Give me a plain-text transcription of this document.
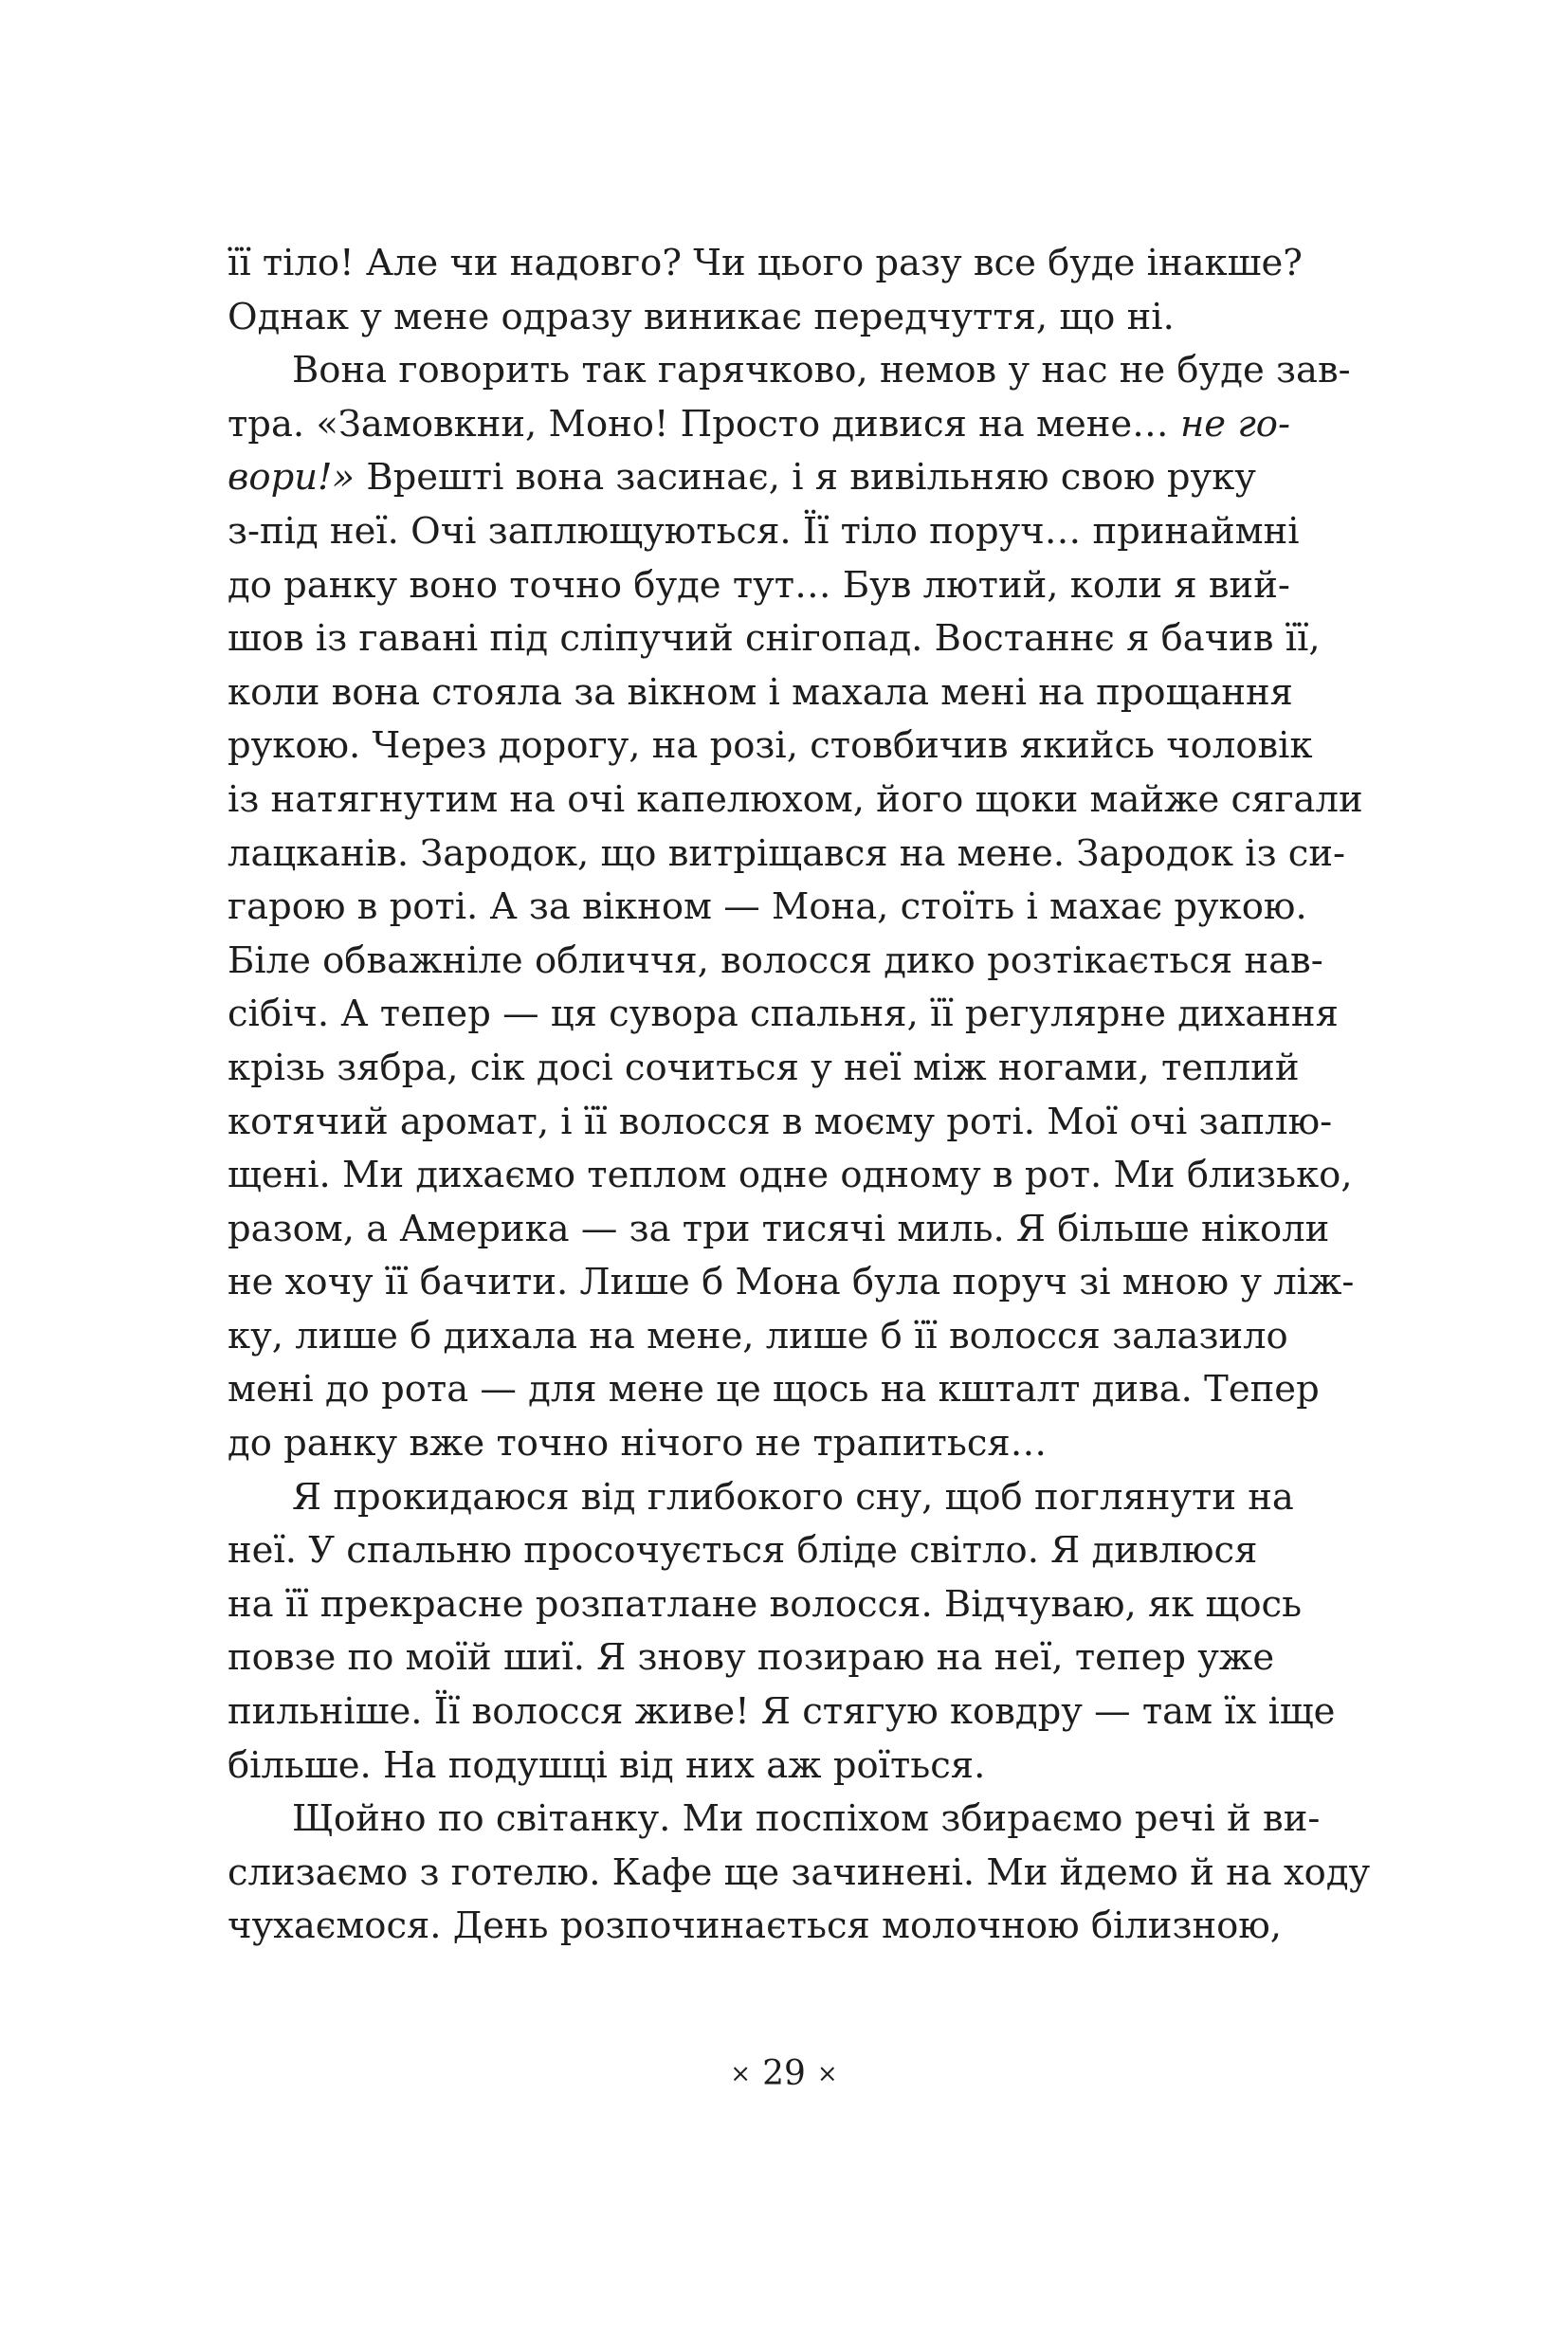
її тіло! Але чи надовго? Чи цього разу все буде інакше?
Однак у мене одразу виникає передчуття, що ні.
Вона говорить так гарячково, немов у нас не буде зав-
тра. «Замовкни, Моно! Просто дивися на мене… не го-
вори!» Врешті вона засинає, і я вивільняю свою руку
з-під неї. Очі заплющуються. Її тіло поруч… принаймні
до ранку воно точно буде тут… Був лютий, коли я вий-
шов із гавані під сліпучий снігопад. Востаннє я бачив її,
коли вона стояла за вікном і махала мені на прощання
рукою. Через дорогу, на розі, стовбичив якийсь чоловік
із натягнутим на очі капелюхом, його щоки майже сягали
лацканів. Зародок, що витріщався на мене. Зародок із си-
гарою в роті. А за вікном — Мона, стоїть і махає рукою.
Біле обважніле обличчя, волосся дико розтікається нав-
сібіч. А тепер — ця сувора спальня, її регулярне дихання
крізь зябра, сік досі сочиться у неї між ногами, теплий
котячий аромат, і її волосся в моєму роті. Мої очі заплю-
щені. Ми дихаємо теплом одне одному в рот. Ми близько,
разом, а Америка — за три тисячі миль. Я більше ніколи
не хочу її бачити. Лише б Мона була поруч зі мною у ліж-
ку, лише б дихала на мене, лише б її волосся залазило
мені до рота — для мене це щось на кшталт дива. Тепер
до ранку вже точно нічого не трапиться…
Я прокидаюся від глибокого сну, щоб поглянути на
неї. У спальню просочується бліде світло. Я дивлюся
на її прекрасне розпатлане волосся. Відчуваю, як щось
повзе по моїй шиї. Я знову позираю на неї, тепер уже
пильніше. Її волосся живе! Я стягую ковдру — там їх іще
більше. На подушці від них аж роїться.
Щойно по світанку. Ми поспіхом збираємо речі й ви-
слизаємо з готелю. Кафе ще зачинені. Ми йдемо й на ходу
чухаємося. День розпочинається молочною білизною,
× 29 ×
